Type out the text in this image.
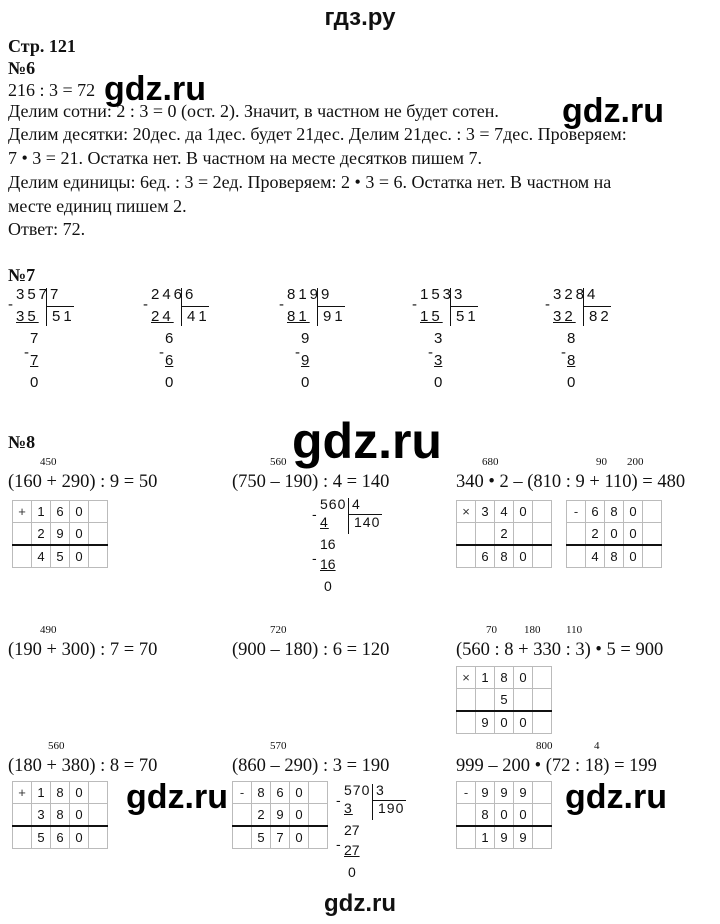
гдз.ру
Стр. 121
№6
216 : 3 = 72
Делим сотни: 2 : 3 = 0 (ост. 2). Значит, в частном не будет сотен.
Делим десятки: 20дес. да 1дес. будет 21дес. Делим 21дес. : 3 = 7дес. Проверяем:
7 • 3 = 21. Остатка нет. В частном на месте десятков пишем 7.
Делим единицы: 6ед. : 3 = 2ед. Проверяем: 2 • 3 = 6. Остатка нет. В частном на
месте единиц пишем 2.
Ответ: 72.
№7
357 7
-
35 51
7
- 7
0
246 6
-
24 41
6
- 6
0
819 9
-
81 91
9
- 9
0
153 3
-
15 51
3
- 3
0
328 4
-
32 82
8
- 8
0
№8
450
(160 + 290) : 9 = 50
560
(750 – 190) : 4 = 140
680	90 200
340 • 2 – (810 : 9 + 110) = 480
490
(190 + 300) : 7 = 70
720
(900 – 180) : 6 = 120
70 180 110
(560 : 8 + 330 : 3) • 5 = 900
560
(180 + 380) : 8 = 70
570
(860 – 290) : 3 = 190
800	4
999 – 200 • (72 : 18) = 199
+	1	6	0	
	2	9	0	
	4	5	0	
×	3	4	0	
		2		
	6	8	0	
-	6	8	0	
	2	0	0	
	4	8	0	
×	1	8	0	
		5		
	9	0	0	
+	1	8	0	
	3	8	0	
	5	6	0	
-	8	6	0	
	2	9	0	
	5	7	0	
-	9	9	9	
	8	0	0	
	1	9	9	
560 4
- 4 140
16
- 16
0
570 3
- 3 190
27
- 27
0
gdz.ru
gdz.ru
gdz.ru
gdz.ru	gdz.ru
gdz.ru
